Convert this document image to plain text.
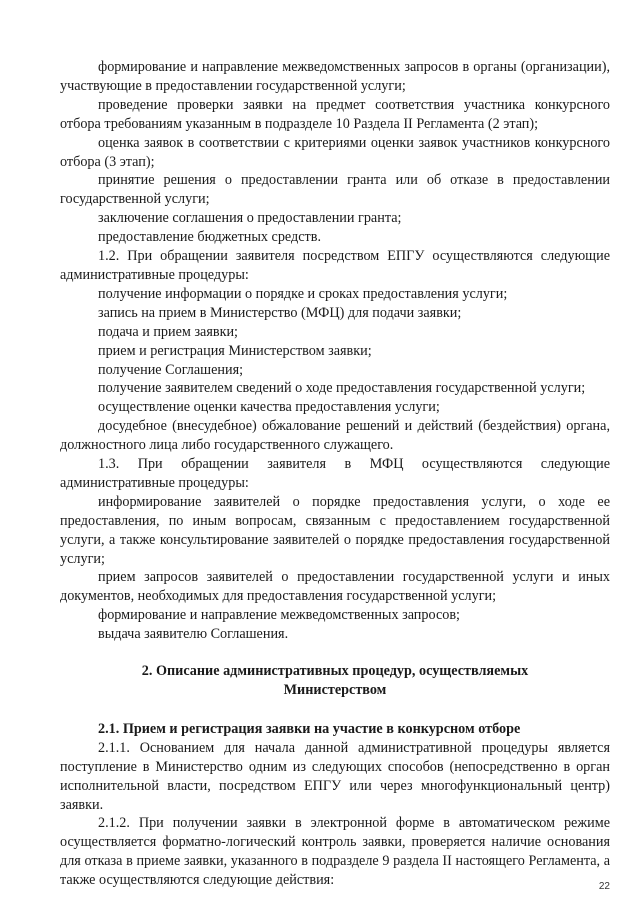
формирование и направление межведомственных запросов в органы (организации), участвующие в предоставлении государственной услуги;

проведение проверки заявки на предмет соответствия участника конкурсного отбора требованиям указанным в подразделе 10 Раздела II Регламента (2 этап);

оценка заявок в соответствии с критериями оценки заявок участников конкурсного отбора (3 этап);

принятие решения о предоставлении гранта или об отказе в предоставлении государственной услуги;

заключение соглашения о предоставлении гранта;

предоставление бюджетных средств.

1.2. При обращении заявителя посредством ЕПГУ осуществляются следующие административные процедуры:

получение информации о порядке и сроках предоставления услуги;

запись на прием в Министерство (МФЦ) для подачи заявки;

подача и прием заявки;

прием и регистрация Министерством заявки;

получение Соглашения;

получение заявителем сведений о ходе предоставления государственной услуги;

осуществление оценки качества предоставления услуги;

досудебное (внесудебное) обжалование решений и действий (бездействия) органа, должностного лица либо государственного служащего.

1.3. При обращении заявителя в МФЦ осуществляются следующие административные процедуры:

информирование заявителей о порядке предоставления услуги, о ходе ее предоставления, по иным вопросам, связанным с предоставлением государственной услуги, а также консультирование заявителей о порядке предоставления государственной услуги;

прием запросов заявителей о предоставлении государственной услуги и иных документов, необходимых для предоставления государственной услуги;

формирование и направление межведомственных запросов;

выдача заявителю Соглашения.

2. Описание административных процедур, осуществляемых Министерством

2.1. Прием и регистрация заявки на участие в конкурсном отборе

2.1.1. Основанием для начала данной административной процедуры является поступление в Министерство одним из следующих способов (непосредственно в орган исполнительной власти, посредством ЕПГУ или через многофункциональный центр) заявки.

2.1.2. При получении заявки в электронной форме в автоматическом режиме осуществляется форматно-логический контроль заявки, проверяется наличие основания для отказа в приеме заявки, указанного в подразделе 9 раздела II настоящего Регламента, а также осуществляются следующие действия:	22
